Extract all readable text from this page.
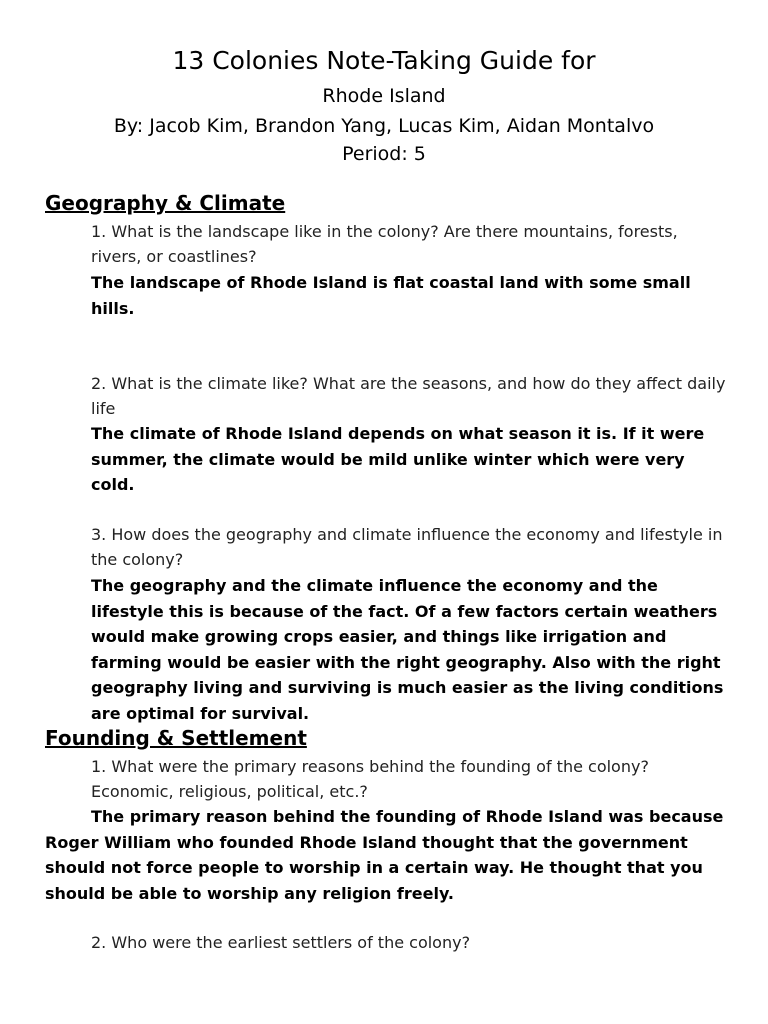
13 Colonies Note-Taking Guide for
Rhode Island
By: Jacob Kim, Brandon Yang, Lucas Kim, Aidan Montalvo
Period: 5
Geography & Climate
1. What is the landscape like in the colony? Are there mountains, forests, rivers, or coastlines?
The landscape of Rhode Island is flat coastal land with some small hills.
2. What is the climate like? What are the seasons, and how do they affect daily life
The climate of Rhode Island depends on what season it is. If it were summer, the climate would be mild unlike winter which were very cold.
3. How does the geography and climate influence the economy and lifestyle in the colony?
The geography and the climate influence the economy and the lifestyle this is because of the fact. Of a few factors certain weathers would make growing crops easier, and things like irrigation and farming would be easier with the right geography. Also with the right geography living and surviving is much easier as the living conditions are optimal for survival.
Founding & Settlement
1. What were the primary reasons behind the founding of the colony? Economic, religious, political, etc.?
The primary reason behind the founding of Rhode Island was because Roger William who founded Rhode Island thought that the government should not force people to worship in a certain way. He thought that you should be able to worship any religion freely.
2. Who were the earliest settlers of the colony?
